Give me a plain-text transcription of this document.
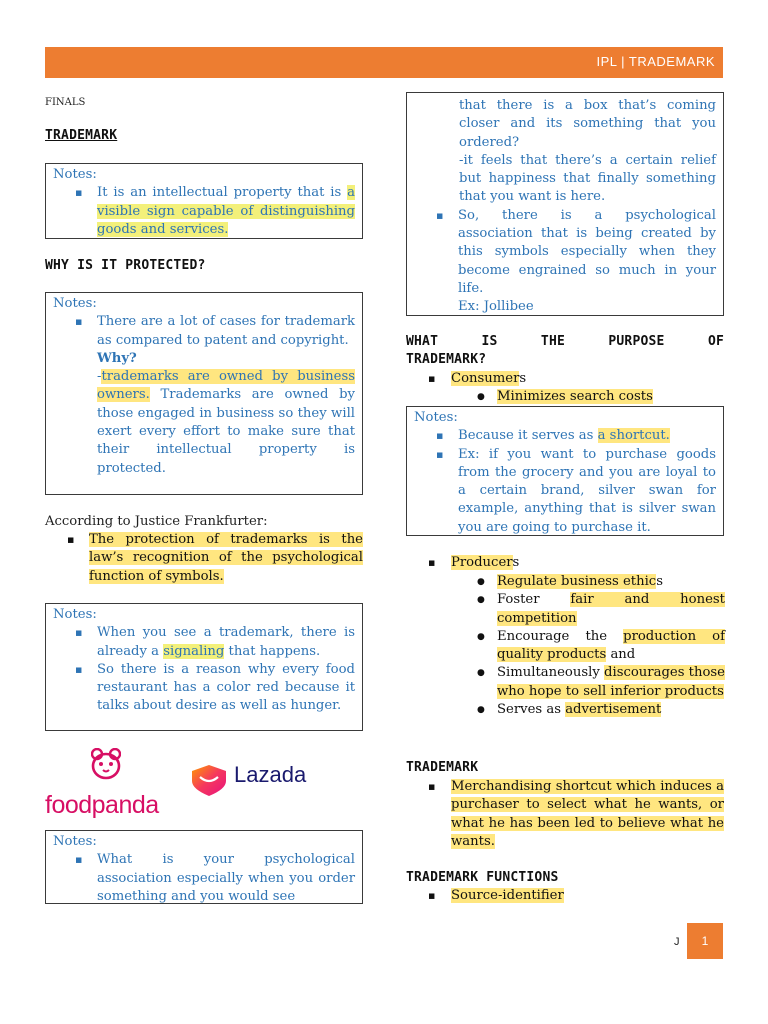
IPL | TRADEMARK
FINALS
TRADEMARK
Notes:
▪ It is an intellectual property that is a visible sign capable of distinguishing goods and services.
WHY IS IT PROTECTED?
Notes:
▪ There are a lot of cases for trademark as compared to patent and copyright.
Why?
-trademarks are owned by business owners. Trademarks are owned by those engaged in business so they will exert every effort to make sure that their intellectual property is protected.
According to Justice Frankfurter:
▪ The protection of trademarks is the law’s recognition of the psychological function of symbols.
Notes:
▪ When you see a trademark, there is already a signaling that happens.
▪ So there is a reason why every food restaurant has a color red because it talks about desire as well as hunger.
foodpanda
Lazada
Notes:
▪ What is your psychological association especially when you order something and you would see
that there is a box that’s coming closer and its something that you ordered?
-it feels that there’s a certain relief but happiness that finally something that you want is here.
▪ So, there is a psychological association that is being created by this symbols especially when they become engrained so much in your life.
Ex: Jollibee
WHAT IS THE PURPOSE OF TRADEMARK?
▪ Consumers
● Minimizes search costs
Notes:
▪ Because it serves as a shortcut.
▪ Ex: if you want to purchase goods from the grocery and you are loyal to a certain brand, silver swan for example, anything that is silver swan you are going to purchase it.
▪ Producers
● Regulate business ethics
● Foster fair and honest competition
● Encourage the production of quality products and
● Simultaneously discourages those who hope to sell inferior products
● Serves as advertisement
TRADEMARK
▪ Merchandising shortcut which induces a purchaser to select what he wants, or what he has been led to believe what he wants.
TRADEMARK FUNCTIONS
▪ Source-identifier
J	1
